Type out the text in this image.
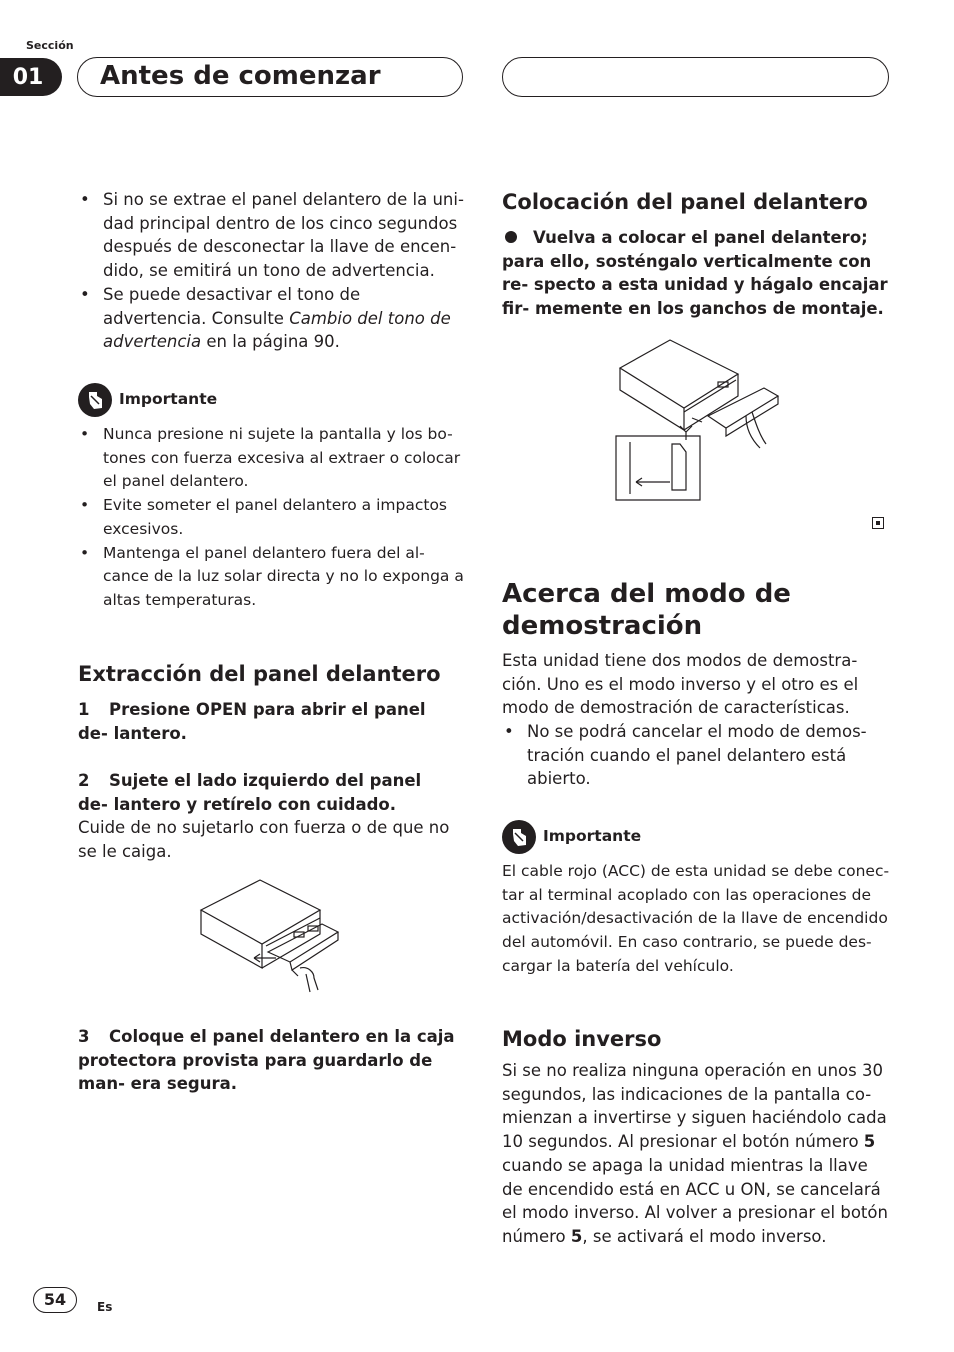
Sección
01	Antes de comenzar
• Si no se extrae el panel delantero de la uni- dad principal dentro de los cinco segundos después de desconectar la llave de encen- dido, se emitirá un tono de advertencia.
• Se puede desactivar el tono de advertencia. Consulte Cambio del tono de advertencia en la página 90.
Importante
• Nunca presione ni sujete la pantalla y los bo- tones con fuerza excesiva al extraer o colocar el panel delantero.
• Evite someter el panel delantero a impactos excesivos.
• Mantenga el panel delantero fuera del al- cance de la luz solar directa y no lo exponga a altas temperaturas.
Extracción del panel delantero
1 Presione OPEN para abrir el panel de- lantero.
2 Sujete el lado izquierdo del panel de- lantero y retírelo con cuidado.
Cuide de no sujetarlo con fuerza o de que no se le caiga.
3 Coloque el panel delantero en la caja protectora provista para guardarlo de man- era segura.
Colocación del panel delantero
Vuelva a colocar el panel delantero; para ello, sosténgalo verticalmente con re- specto a esta unidad y hágalo encajar fir- memente en los ganchos de montaje.
Acerca del modo de
demostración
Esta unidad tiene dos modos de demostra- ción. Uno es el modo inverso y el otro es el modo de demostración de características.
• No se podrá cancelar el modo de demos- tración cuando el panel delantero está abierto.
Importante
El cable rojo (ACC) de esta unidad se debe conec- tar al terminal acoplado con las operaciones de activación/desactivación de la llave de encendido del automóvil. En caso contrario, se puede des- cargar la batería del vehículo.
Modo inverso
Si se no realiza ninguna operación en unos 30 segundos, las indicaciones de la pantalla co- mienzan a invertirse y siguen haciéndolo cada 10 segundos. Al presionar el botón número 5 cuando se apaga la unidad mientras la llave de encendido está en ACC u ON, se cancelará el modo inverso. Al volver a presionar el botón número 5, se activará el modo inverso.
54	Es
